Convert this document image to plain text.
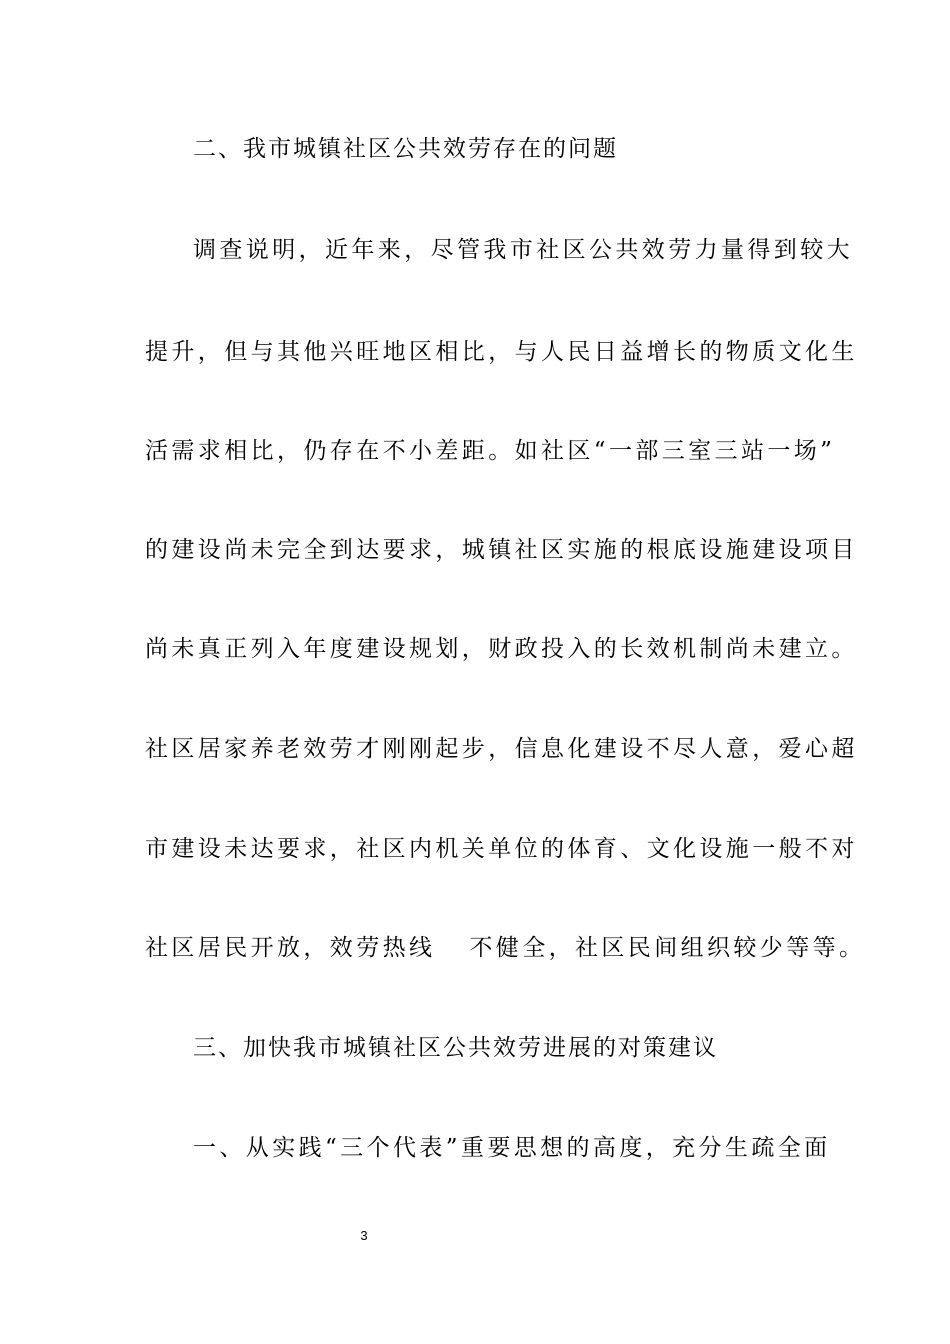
二、我市城镇社区公共效劳存在的问题
调查说明，近年来，尽管我市社区公共效劳力量得到较大
提升，但与其他兴旺地区相比，与人民日益增长的物质文化生
活需求相比，仍存在不小差距。如社区“一部三室三站一场”
的建设尚未完全到达要求，城镇社区实施的根底设施建设项目
尚未真正列入年度建设规划，财政投入的长效机制尚未建立。
社区居家养老效劳才刚刚起步，信息化建设不尽人意，爱心超
市建设未达要求，社区内机关单位的体育、文化设施一般不对
社区居民开放，效劳热线 不健全，社区民间组织较少等等。
三、加快我市城镇社区公共效劳进展的对策建议
一、从实践“三个代表”重要思想的高度，充分生疏全面
3
